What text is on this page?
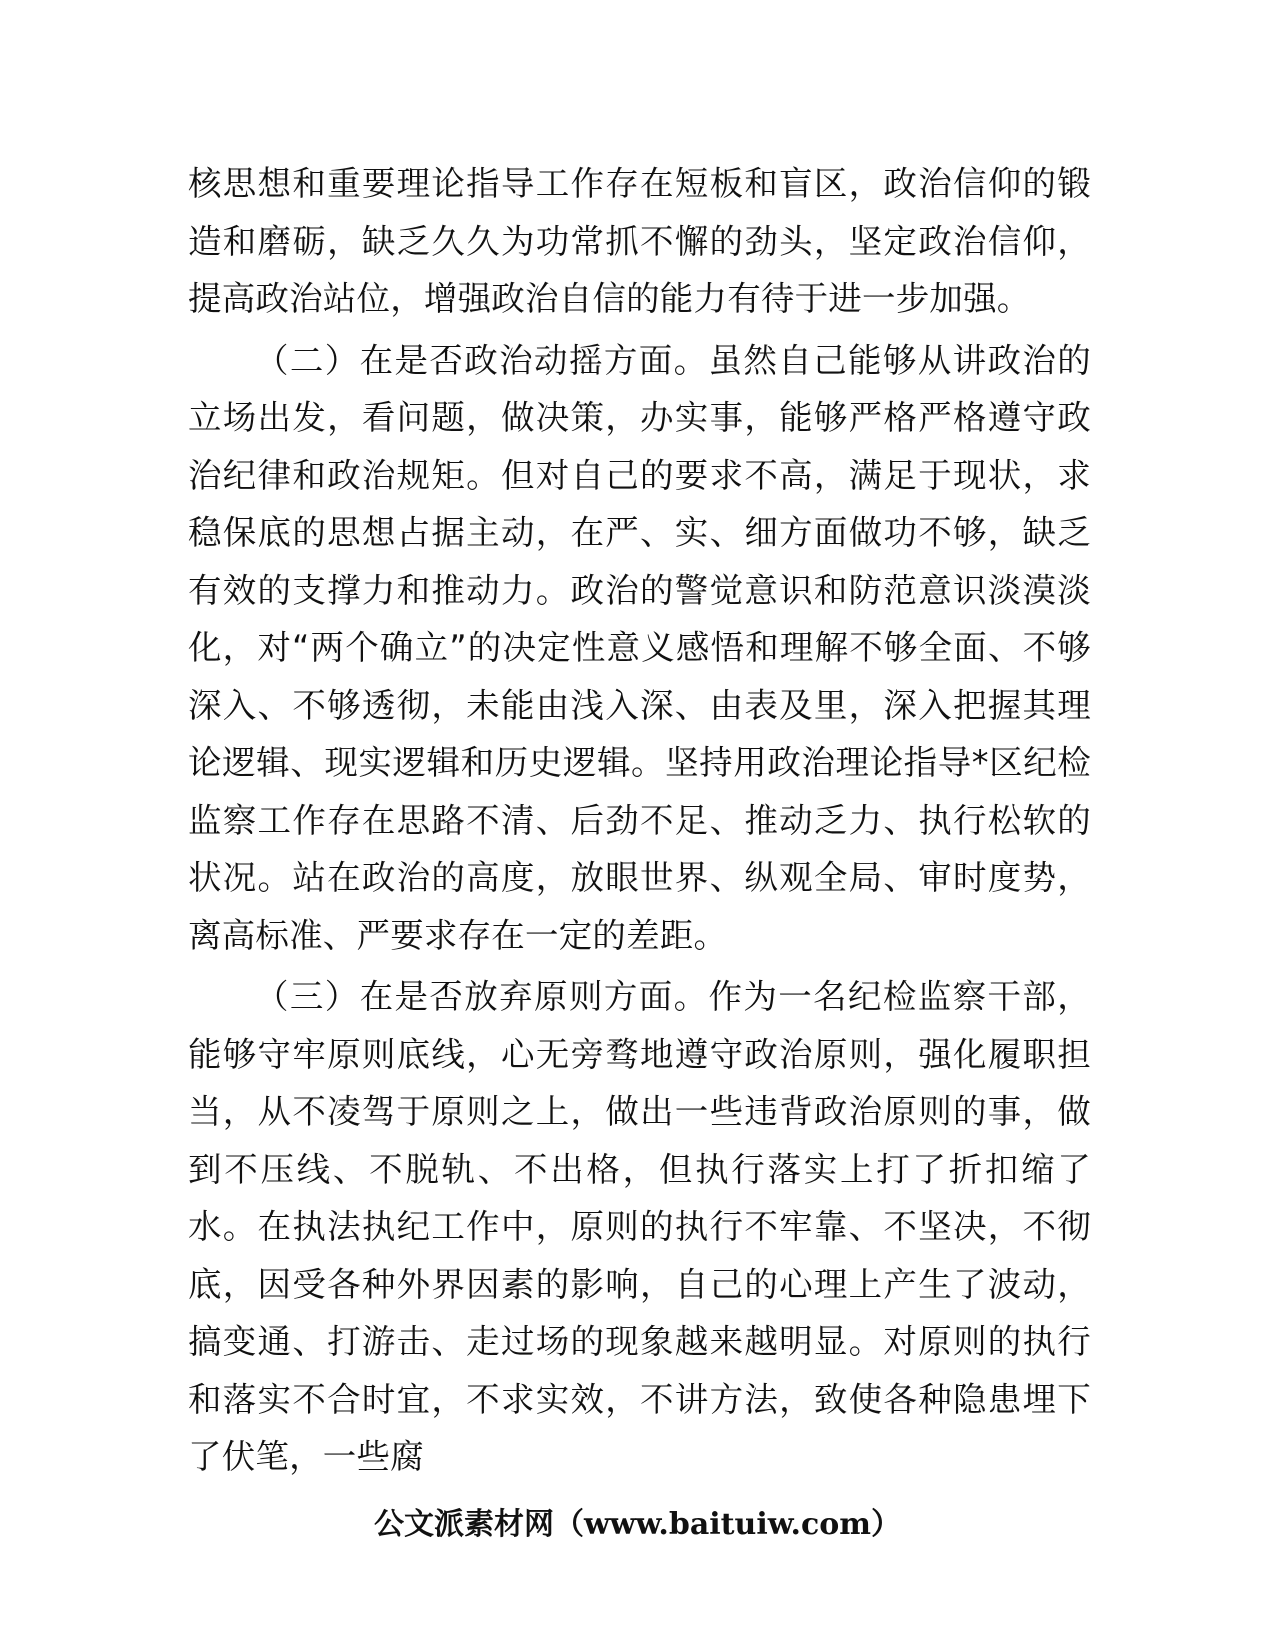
核思想和重要理论指导工作存在短板和盲区，政治信仰的锻造和磨砺，缺乏久久为功常抓不懈的劲头，坚定政治信仰，提高政治站位，增强政治自信的能力有待于进一步加强。

（二）在是否政治动摇方面。虽然自己能够从讲政治的立场出发，看问题，做决策，办实事，能够严格严格遵守政治纪律和政治规矩。但对自己的要求不高，满足于现状，求稳保底的思想占据主动，在严、实、细方面做功不够，缺乏有效的支撑力和推动力。政治的警觉意识和防范意识淡漠淡化，对“两个确立”的决定性意义感悟和理解不够全面、不够深入、不够透彻，未能由浅入深、由表及里，深入把握其理论逻辑、现实逻辑和历史逻辑。坚持用政治理论指导*区纪检监察工作存在思路不清、后劲不足、推动乏力、执行松软的状况。站在政治的高度，放眼世界、纵观全局、审时度势，离高标准、严要求存在一定的差距。

（三）在是否放弃原则方面。作为一名纪检监察干部，能够守牢原则底线，心无旁骛地遵守政治原则，强化履职担当，从不凌驾于原则之上，做出一些违背政治原则的事，做到不压线、不脱轨、不出格，但执行落实上打了折扣缩了水。在执法执纪工作中，原则的执行不牢靠、不坚决，不彻底，因受各种外界因素的影响，自己的心理上产生了波动，搞变通、打游击、走过场的现象越来越明显。对原则的执行和落实不合时宜，不求实效，不讲方法，致使各种隐患埋下了伏笔，一些腐

公文派素材网（www.baituiw.com）
